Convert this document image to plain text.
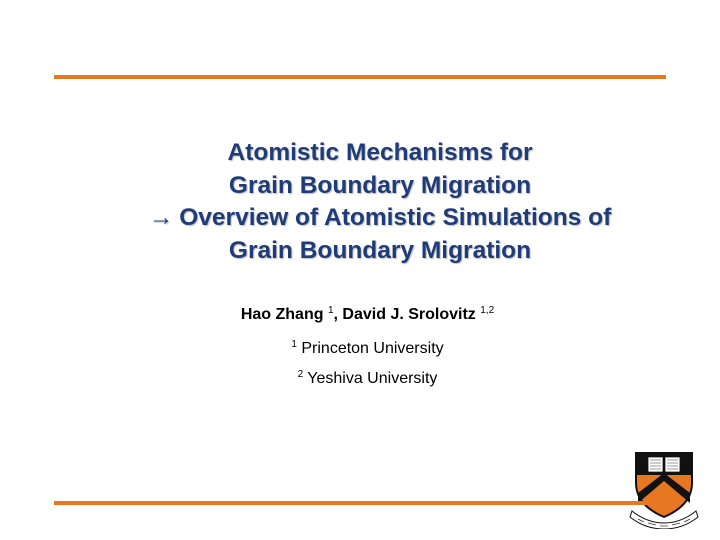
Atomistic Mechanisms for
Grain Boundary Migration
→ Overview of Atomistic Simulations of
Grain Boundary Migration
Hao Zhang $^1$, David J. Srolovitz $^{1,2}$
$^1$ Princeton University
$^2$ Yeshiva University
